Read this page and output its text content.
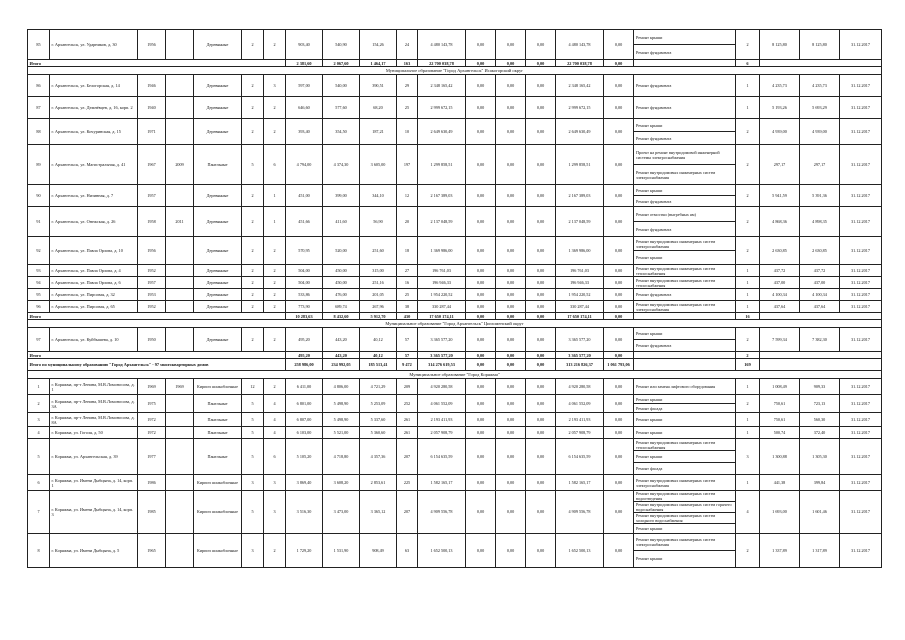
85	г. Архангельск, ул. Ударников, д. 30	1956		Деревянные	2	2	903,40	540,90	154,26	24	4 480 143,78	0,00	0,00	0,00	4 480 143,78	0,00	Ремонт крыши	2	8 125,80	8 125,80	31.12.2017
																	Ремонт фундамента				
Итого							2 381,60	2 067,60	1 464,17	163	22 700 038,78	0,00	0,00	0,00	22 700 038,78	0,00		6			
Муниципальное образование "Город Архангельск" Исакогорский округ																					
86	г. Архангельск, ул. Белогорская, д. 14	1946		Деревянные	2	3	597,00	540,00	390,51	29	2 348 165,42	0,00	0,00	0,00	2 348 165,42	0,00	Ремонт фундамента	1	4 235,73	4 235,73	31.12.2017
87	г. Архангельск, ул. Дежнёвцев, д. 16, корп. 2	1940		Деревянные	2	2	646,60	577,60	68,20	25	2 999 672,15	0,00	0,00	0,00	2 999 672,15	0,00	Ремонт фундамента	1	5 193,26	5 693,29	31.12.2017
88	г. Архангельск, ул. Кочуринская, д. 15	1971		Деревянные	2	2	393,40	354,50	187,21	10	2 649 630,49	0,00	0,00	0,00	2 649 630,49	0,00	Ремонт крыши	2	4 939,00	4 939,00	31.12.2017
																	Ремонт фундамента				
89	г. Архангельск, ул. Магистральная, д. 41	1967	2009	Панельные	5	6	4 794,00	4 374,30	3 605,00	197	1 299 858,51	0,00	0,00	0,00	1 299 858,51	0,00	Проект на ремонт внутридомовой инженерной системы электроснабжения	2	297,17	297,17	31.12.2017
																	Ремонт внутридомовых инженерных систем электроснабжения				
90	г. Архангельск, ул. Низинная, д. 7	1957		Деревянные	2	1	451,00	399,00	344,10	12	2 167 389,03	0,00	0,00	0,00	2 167 389,03	0,00	Ремонт крыши	2	5 941,59	5 391,36	31.12.2017
																	Ремонт фундамента				
91	г. Архангельск, ул. Онежская, д. 26	1958	2011	Деревянные	2	1	451,66	411,60	56,90	20	2 137 048,59	0,00	0,00	0,00	2 137 048,59	0,00	Ремонт отмостки (выгребных ям)	2	4 868,36	4 898,35	31.12.2017
																	Ремонт фундамента				
92	г. Архангельск, ул. Павла Орлова, д. 10	1956		Деревянные	2	2	570,95	520,00	251,60	18	1 369 986,00	0,00	0,00	0,00	1 369 986,00	0,00	Ремонт внутридомовых инженерных систем электроснабжения	2	2 630,85	2 630,85	31.12.2017
																	Ремонт крыши				
93	г. Архангельск, ул. Павла Орлова, д. 4	1952		Деревянные	2	2	504,00	450,00	315,00	27	196 761,03	0,00	0,00	0,00	196 761,03	0,00	Ремонт внутридомовых инженерных систем теплоснабжения	1	437,72	437,72	31.12.2017
94	г. Архангельск, ул. Павла Орлова, д. 6	1957		Деревянные	2	2	504,00	450,00	251,16	16	196 946,33	0,00	0,00	0,00	196 946,33	0,00	Ремонт внутридомовых инженерных систем теплоснабжения	1	437,00	437,00	31.12.2017
95	г. Архангельск, ул. Пирсовая, д. 32	1953		Деревянные	2	2	533,86	476,00	201,05	25	1 954 220,52	0,00	0,00	0,00	1 954 220,52	0,00	Ремонт фундамента	1	4 100,34	4 100,34	31.12.2017
96	г. Архангельск, ул. Пирсовая, д. 65	1952		Деревянные	2	2	773,90	689,74	267,96	38	330 287,44	0,00	0,00	0,00	330 287,44	0,00	Ремонт внутридомовых инженерных систем электроснабжения	1	437,64	437,64	31.12.2017
Итого							10 283,63	8 432,60	5 912,70	430	17 650 174,11	0,00	0,00	0,00	17 650 174,11	0,00		16			
Муниципальное образование "Город Архангельск" Цигломенский округ																					
97	г. Архангельск, ул. Куйбышева, д. 10	1950		Деревянные	2	2	495,20	443,20	40,12	57	3 365 577,20	0,00	0,00	0,00	3 365 577,20	0,00	Ремонт крыши	2	7 599,34	7 382,30	31.12.2017
																	Ремонт фундамента				
Итого							495,20	443,20	40,12	57	3 365 577,20	0,00	0,00	0,00	3 365 577,20	0,00		2			
Итого по муниципальному образованию "Город Архангельск" - 97 многоквартирных домов							258 986,00	234 992,05	185 513,41	9 472	314 276 619,53	0,00	0,00	0,00	313 216 826,37	1 061 793,06		169			
Муниципальное образование "Город Коряжма"																					
1	г. Коряжма, пр-т Ленина, М.В.Ломоносова, д. 1	1969	1969	Кирпич шлакоблочные	12	2	6 411,00	4 806,00	4 721,29	209	4 920 280,58	0,00	0,00	0,00	4 920 280,58	0,00	Ремонт или замена лифтового оборудования	1	1 008,49	909,33	31.12.2017
2	г. Коряжма, пр-т Ленина, М.В.Ломоносова, д. 3А	1975		Панельные	5	4	6 801,00	5 498,90	5 253,09	252	4 061 552,09	0,00	0,00	0,00	4 061 552,09	0,00	Ремонт крыши	2	750,61	723,13	31.12.2017
																	Ремонт фасада				
3	г. Коряжма, пр-т Ленина, М.В.Ломоносова, д. 8А	1972		Панельные	5	4	6 807,00	5 498,90	5 337,60	261	2 193 411,93	0,00	0,00	0,00	2 193 411,93	0,00	Ремонт крыши	1	750,61	560,30	31.12.2017
4	г. Коряжма, ул. Гоголя, д. 50	1972		Панельные	5	4	6 103,00	5 521,00	5 360,60	261	2 057 908,79	0,00	0,00	0,00	2 057 908,79	0,00	Ремонт крыши	1	500,74	372,40	31.12.2017
5	г. Коряжма, ул. Архангельская, д. 39	1977		Панельные	5	6	5 105,20	4 718,80	4 357,36	207	6 154 635,59	0,00	0,00	0,00	6 154 635,59	0,00	Ремонт внутридомовых инженерных систем теплоснабжения	3	1 300,88	1 305,30	31.12.2017
																	Ремонт крыши				
																	Ремонт фасада				
6	г. Коряжма, ул. Имени Дыбцына, д. 14, корп. 1	1986		Кирпич шлакоблочные	3	3	3 869,40	3 608,20	2 853,61	225	1 582 165,17	0,00	0,00	0,00	1 582 165,17	0,00	Ремонт внутридомовых инженерных систем электроснабжения	1	441,38	399,84	31.12.2017
7	г. Коряжма, ул. Имени Дыбцына, д. 14, корп. 3	1985		Кирпич шлакоблочные	5	3	3 516,30	3 473,00	3 365,12	207	4 909 556,78	0,00	0,00	0,00	4 909 556,78	0,00	Ремонт внутридомовых инженерных систем водоотведения	4	1 693,00	1 601,46	31.12.2017
																	Ремонт внутридомовых инженерных систем горячего водоснабжения				
																	Ремонт внутридомовых инженерных систем холодного водоснабжения				
																	Ремонт крыши				
8	г. Коряжма, ул. Имени Дыбцына, д. 5	1965		Кирпич шлакоблочные	3	2	1 729,20	1 531,90	908,49	63	1 652 500,13	0,00	0,00	0,00	1 652 500,13	0,00	Ремонт внутридомовых инженерных систем электроснабжения	2	1 337,89	1 317,89	31.12.2017
																	Ремонт крыши				
